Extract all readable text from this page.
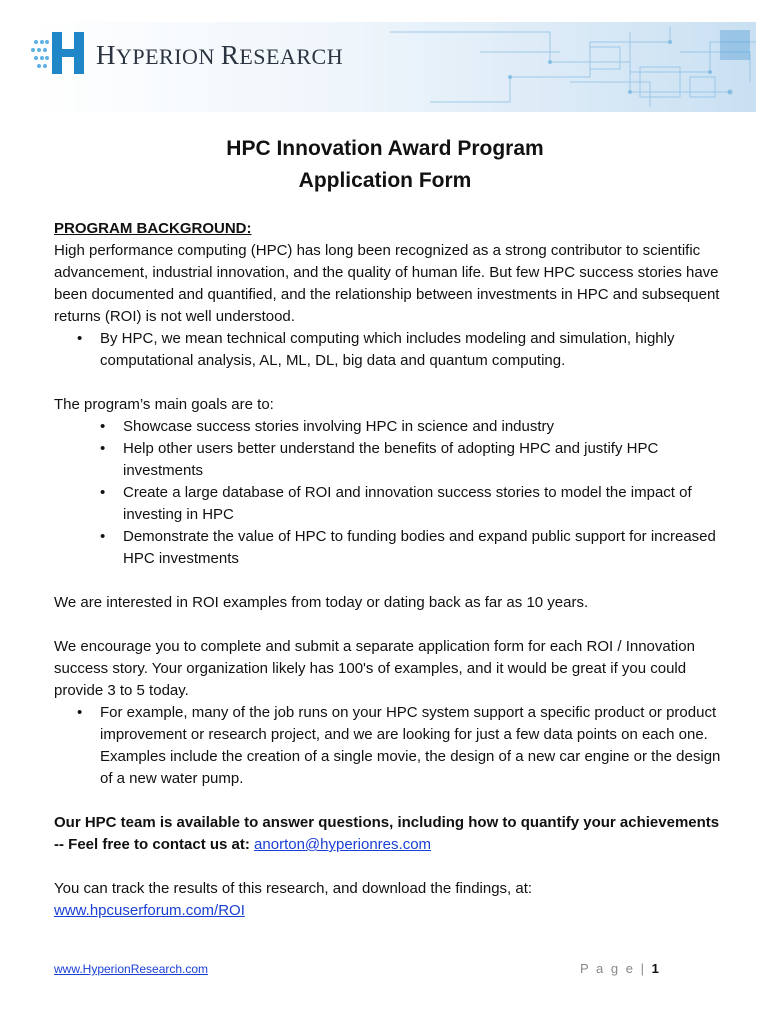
HYPERION RESEARCH
HPC Innovation Award Program
Application Form

PROGRAM BACKGROUND:

High performance computing (HPC) has long been recognized as a strong contributor to scientific advancement, industrial innovation, and the quality of human life. But few HPC success stories have been documented and quantified, and the relationship between investments in HPC and subsequent returns (ROI) is not well understood.

• By HPC, we mean technical computing which includes modeling and simulation, highly computational analysis, AL, ML, DL, big data and quantum computing.

The program’s main goals are to:

• Showcase success stories involving HPC in science and industry
• Help other users better understand the benefits of adopting HPC and justify HPC investments
• Create a large database of ROI and innovation success stories to model the impact of investing in HPC
• Demonstrate the value of HPC to funding bodies and expand public support for increased HPC investments

We are interested in ROI examples from today or dating back as far as 10 years.

We encourage you to complete and submit a separate application form for each ROI / Innovation success story. Your organization likely has 100's of examples, and it would be great if you could provide 3 to 5 today.

• For example, many of the job runs on your HPC system support a specific product or product improvement or research project, and we are looking for just a few data points on each one. Examples include the creation of a single movie, the design of a new car engine or the design of a new water pump.

Our HPC team is available to answer questions, including how to quantify your achievements -- Feel free to contact us at: anorton@hyperionres.com

You can track the results of this research, and download the findings, at:

www.hpcuserforum.com/ROI

www.HyperionResearch.com	P a g e | 1
